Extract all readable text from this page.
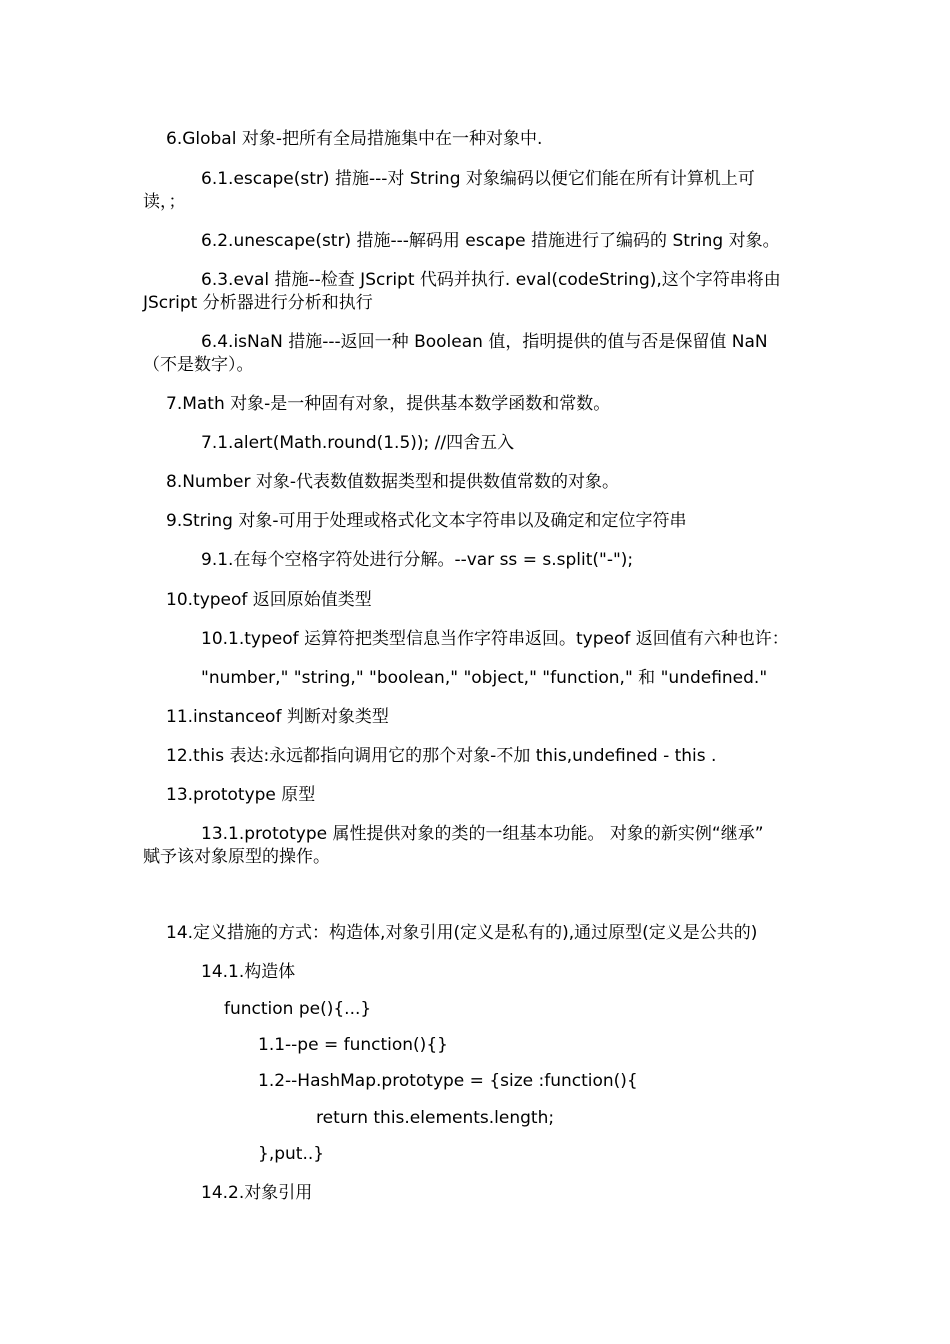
6.Global 对象-把所有全局措施集中在一种对象中.
6.1.escape(str) 措施---对 String 对象编码以便它们能在所有计算机上可
读，；
6.2.unescape(str) 措施---解码用 escape 措施进行了编码的 String 对象。
6.3.eval 措施--检查 JScript 代码并执行. eval(codeString),这个字符串将由
JScript 分析器进行分析和执行
6.4.isNaN 措施---返回一种 Boolean 值，指明提供的值与否是保留值 NaN
（不是数字）。
7.Math 对象-是一种固有对象，提供基本数学函数和常数。
7.1.alert(Math.round(1.5)); //四舍五入
8.Number 对象-代表数值数据类型和提供数值常数的对象。
9.String 对象-可用于处理或格式化文本字符串以及确定和定位字符串
9.1.在每个空格字符处进行分解。--var ss = s.split("-");
10.typeof 返回原始值类型
10.1.typeof 运算符把类型信息当作字符串返回。typeof 返回值有六种也许：
"number," "string," "boolean," "object," "function," 和 "undefined."
11.instanceof 判断对象类型
12.this 表达:永远都指向调用它的那个对象-不加 this,undefined - this .
13.prototype 原型
13.1.prototype 属性提供对象的类的一组基本功能。 对象的新实例“继承”
赋予该对象原型的操作。
14.定义措施的方式：构造体,对象引用(定义是私有的),通过原型(定义是公共的)
14.1.构造体
function pe(){...}
1.1--pe = function(){}
1.2--HashMap.prototype = {size :function(){
return this.elements.length;
},put..}
14.2.对象引用
